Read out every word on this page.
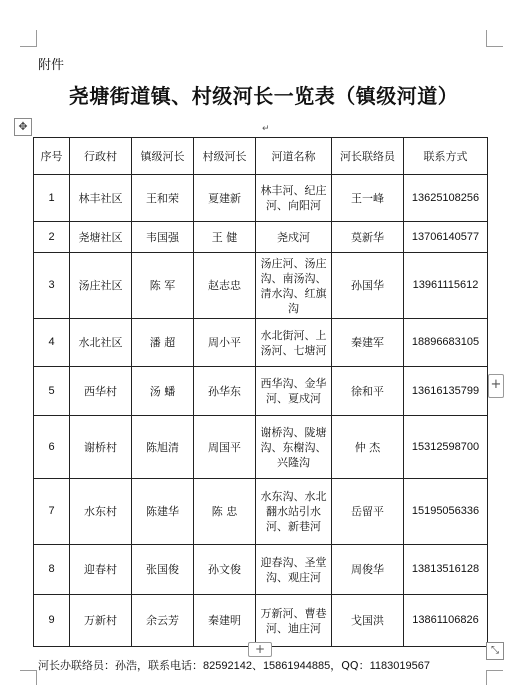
附件
尧塘街道镇、村级河长一览表（镇级河道）
✥	↵
序号	行政村	镇级河长	村级河长	河道名称	河长联络员	联系方式
1	林丰社区	王和荣	夏建新	林丰河、纪庄河、向阳河	王一峰	13625108256
2	尧塘社区	韦国强	王 健	尧戍河	莫新华	13706140577
3	汤庄社区	陈 军	赵志忠	汤庄河、汤庄沟、南汤沟、清水沟、红旗沟	孙国华	13961115612
4	水北社区	潘 超	周小平	水北街河、上汤河、七塘河	秦建军	18896683105
5	西华村	汤 蟠	孙华东	西华沟、金华河、夏戍河	徐和平	13616135799
6	谢桥村	陈旭清	周国平	谢桥沟、陇塘沟、东榭沟、兴隆沟	仲 杰	15312598700
7	水东村	陈建华	陈 忠	水东沟、水北翻水站引水河、新巷河	岳留平	15195056336
8	迎春村	张国俊	孙文俊	迎春沟、圣堂沟、观庄河	周俊华	13813516128
9	万新村	余云芳	秦建明	万新河、曹巷河、迪庄河	戈国洪	13861106826
+
+	⤡
河长办联络员：孙浩，联系电话：82592142、15861944885，QQ：1183019567
